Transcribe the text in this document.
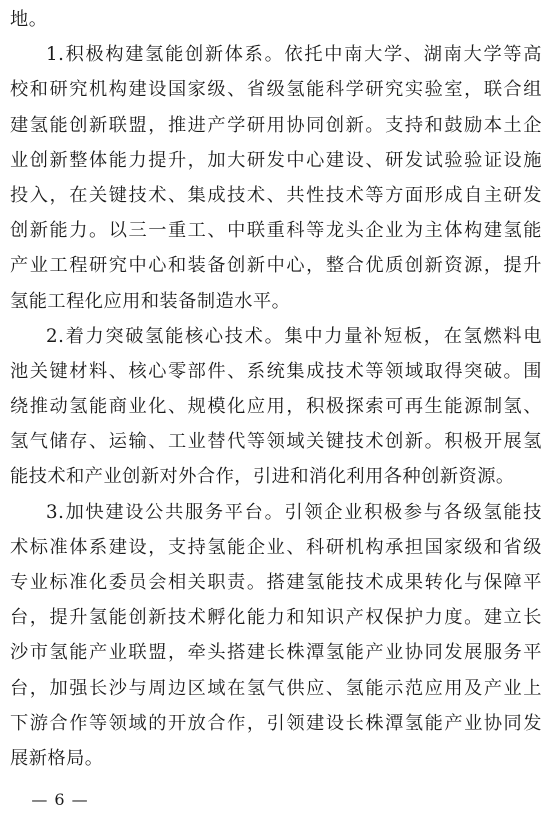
地。
1.积极构建氢能创新体系。依托中南大学、湖南大学等高
校和研究机构建设国家级、省级氢能科学研究实验室，联合组
建氢能创新联盟，推进产学研用协同创新。支持和鼓励本土企
业创新整体能力提升，加大研发中心建设、研发试验验证设施
投入，在关键技术、集成技术、共性技术等方面形成自主研发
创新能力。以三一重工、中联重科等龙头企业为主体构建氢能
产业工程研究中心和装备创新中心，整合优质创新资源，提升
氢能工程化应用和装备制造水平。
2.着力突破氢能核心技术。集中力量补短板，在氢燃料电
池关键材料、核心零部件、系统集成技术等领域取得突破。围
绕推动氢能商业化、规模化应用，积极探索可再生能源制氢、
氢气储存、运输、工业替代等领域关键技术创新。积极开展氢
能技术和产业创新对外合作，引进和消化利用各种创新资源。
3.加快建设公共服务平台。引领企业积极参与各级氢能技
术标准体系建设，支持氢能企业、科研机构承担国家级和省级
专业标准化委员会相关职责。搭建氢能技术成果转化与保障平
台，提升氢能创新技术孵化能力和知识产权保护力度。建立长
沙市氢能产业联盟，牵头搭建长株潭氢能产业协同发展服务平
台，加强长沙与周边区域在氢气供应、氢能示范应用及产业上
下游合作等领域的开放合作，引领建设长株潭氢能产业协同发
展新格局。
— 6 —
